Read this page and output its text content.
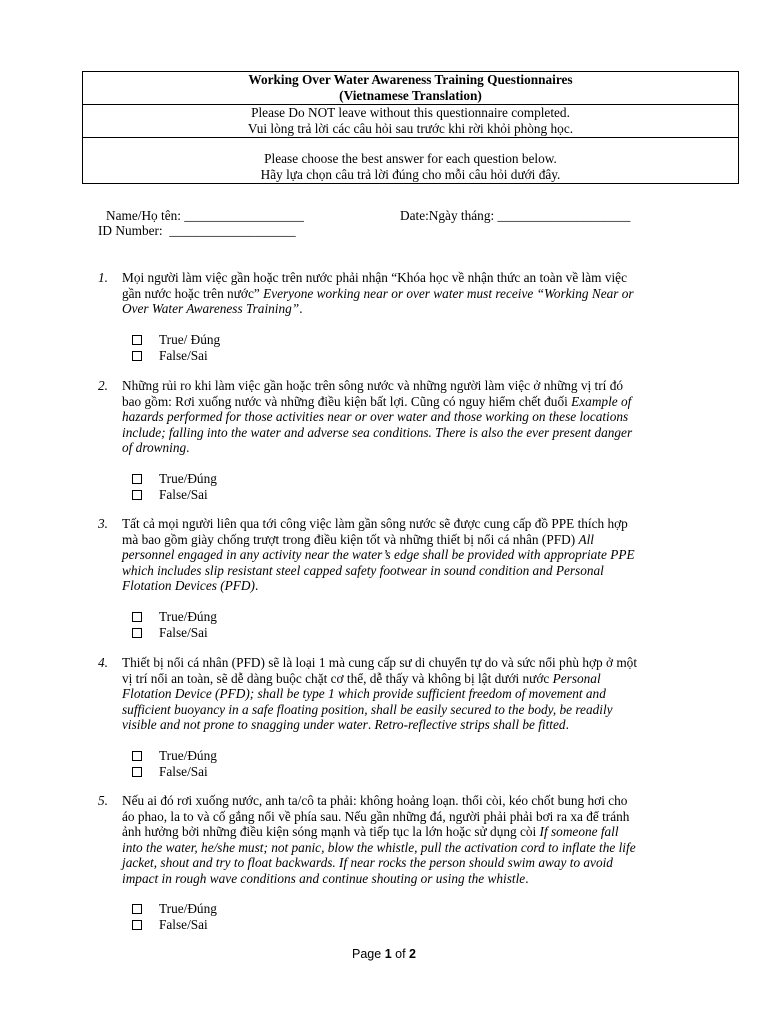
Working Over Water Awareness Training Questionnaires
(Vietnamese Translation)
Please Do NOT leave without this questionnaire completed.
Vui lòng trả lời các câu hỏi sau trước khi rời khỏi phòng học.
Please choose the best answer for each question below.
Hãy lựa chọn câu trả lời đúng cho mỗi câu hỏi dưới đây.
Name/Họ tên: __________________	Date:Ngày tháng: ____________________
ID Number:  ___________________
1. Mọi người làm việc gần hoặc trên nước phải nhận “Khóa học về nhận thức an toàn về làm việc
gần nước hoặc trên nước” Everyone working near or over water must receive “Working Near or
Over Water Awareness Training”.
True/ Đúng
False/Sai
2. Những rủi ro khi làm việc gần hoặc trên sông nước và những người làm việc ở những vị trí đó
bao gồm: Rơi xuống nước và những điều kiện bất lợi. Cũng có nguy hiểm chết đuối Example of
hazards performed for those activities near or over water and those working on these locations
include; falling into the water and adverse sea conditions. There is also the ever present danger
of drowning.
True/Đúng
False/Sai
3. Tất cả mọi người liên qua tới công việc làm gần sông nước sẽ được cung cấp đồ PPE thích hợp
mà bao gồm giày chống trượt trong điều kiện tốt và những thiết bị nổi cá nhân (PFD) All
personnel engaged in any activity near the water’s edge shall be provided with appropriate PPE
which includes slip resistant steel capped safety footwear in sound condition and Personal
Flotation Devices (PFD).
True/Đúng
False/Sai
4. Thiết bị nổi cá nhân (PFD) sẽ là loại 1 mà cung cấp sư di chuyển tự do và sức nổi phù hợp ở một
vị trí nổi an toàn, sẽ dễ dàng buộc chặt cơ thể, dễ thấy và không bị lật dưới nước Personal
Flotation Device (PFD); shall be type 1 which provide sufficient freedom of movement and
sufficient buoyancy in a safe floating position, shall be easily secured to the body, be readily
visible and not prone to snagging under water. Retro-reflective strips shall be fitted.
True/Đúng
False/Sai
5. Nếu ai đó rơi xuống nước, anh ta/cô ta phải: không hoảng loạn. thổi còi, kéo chốt bung hơi cho
áo phao, la to và cố gắng nổi về phía sau. Nếu gần những đá, người phải phải bơi ra xa để tránh
ảnh hưởng bởi những điều kiện sóng mạnh và tiếp tục la lớn hoặc sử dụng còi If someone fall
into the water, he/she must; not panic, blow the whistle, pull the activation cord to inflate the life
jacket, shout and try to float backwards. If near rocks the person should swim away to avoid
impact in rough wave conditions and continue shouting or using the whistle.
True/Đúng
False/Sai
Page 1 of 2
